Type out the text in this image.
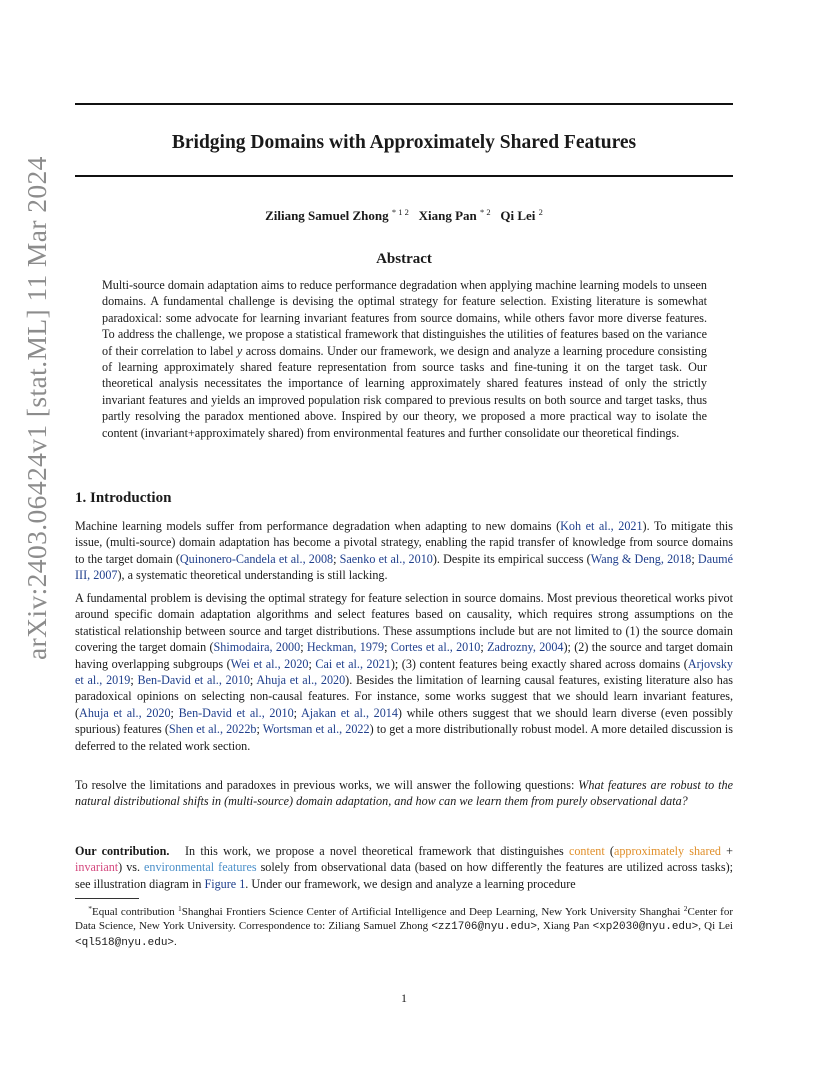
arXiv:2403.06424v1 [stat.ML] 11 Mar 2024
Bridging Domains with Approximately Shared Features
Ziliang Samuel Zhong $^{* 1 2}$ Xiang Pan $^{* 2}$ Qi Lei $^2$
Abstract

Multi-source domain adaptation aims to reduce performance degradation when applying machine learning models to unseen domains. A fundamental challenge is devising the optimal strategy for feature selection. Existing literature is somewhat paradoxical: some advocate for learning invariant features from source domains, while others favor more diverse features. To address the challenge, we propose a statistical framework that distinguishes the utilities of features based on the variance of their correlation to label y across domains. Under our framework, we design and analyze a learning procedure consisting of learning approximately shared feature representation from source tasks and fine-tuning it on the target task. Our theoretical analysis necessitates the importance of learning approximately shared features instead of only the strictly invariant features and yields an improved population risk compared to previous results on both source and target tasks, thus partly resolving the paradox mentioned above. Inspired by our theory, we proposed a more practical way to isolate the content (invariant+approximately shared) from environmental features and further consolidate our theoretical findings.

1. Introduction

Machine learning models suffer from performance degradation when adapting to new domains (Koh et al., 2021). To mitigate this issue, (multi-source) domain adaptation has become a pivotal strategy, enabling the rapid transfer of knowledge from source domains to the target domain (Quinonero-Candela et al., 2008; Saenko et al., 2010). Despite its empirical success (Wang & Deng, 2018; Daumé III, 2007), a systematic theoretical understanding is still lacking.

A fundamental problem is devising the optimal strategy for feature selection in source domains. Most previous theoretical works pivot around specific domain adaptation algorithms and select features based on causality, which requires strong assumptions on the statistical relationship between source and target distributions. These assumptions include but are not limited to (1) the source domain covering the target domain (Shimodaira, 2000; Heckman, 1979; Cortes et al., 2010; Zadrozny, 2004); (2) the source and target domain having overlapping subgroups (Wei et al., 2020; Cai et al., 2021); (3) content features being exactly shared across domains (Arjovsky et al., 2019; Ben-David et al., 2010; Ahuja et al., 2020). Besides the limitation of learning causal features, existing literature also has paradoxical opinions on selecting non-causal features. For instance, some works suggest that we should learn invariant features, (Ahuja et al., 2020; Ben-David et al., 2010; Ajakan et al., 2014) while others suggest that we should learn diverse (even possibly spurious) features (Shen et al., 2022b; Wortsman et al., 2022) to get a more distributionally robust model. A more detailed discussion is deferred to the related work section.

To resolve the limitations and paradoxes in previous works, we will answer the following questions: What features are robust to the natural distributional shifts in (multi-source) domain adaptation, and how can we learn them from purely observational data?

Our contribution. In this work, we propose a novel theoretical framework that distinguishes content (approximately shared + invariant) vs. environmental features solely from observational data (based on how differently the features are utilized across tasks); see illustration diagram in Figure 1. Under our framework, we design and analyze a learning procedure

*Equal contribution $^1$Shanghai Frontiers Science Center of Artificial Intelligence and Deep Learning, New York University Shanghai $^2$Center for Data Science, New York University. Correspondence to: Ziliang Samuel Zhong <zz1706@nyu.edu>, Xiang Pan <xp2030@nyu.edu>, Qi Lei <ql518@nyu.edu>.
1
